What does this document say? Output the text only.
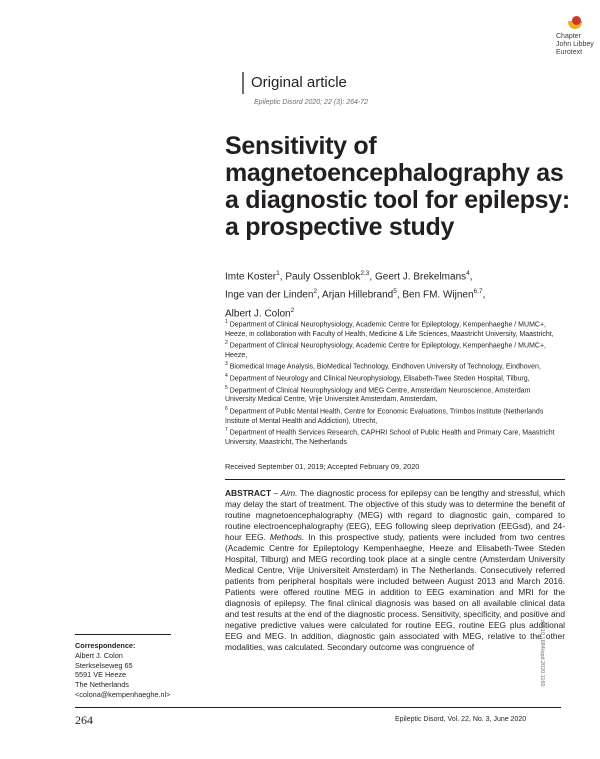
Chapter
John Libbey
Eurotext
Original article
Epileptic Disord 2020; 22 (3): 264-72
Sensitivity of
magnetoencephalography as
a diagnostic tool for epilepsy:
a prospective study
Imte Koster$^1$, Pauly Ossenblok$^{2,3}$, Geert J. Brekelmans$^4$,
Inge van der Linden$^2$, Arjan Hillebrand$^5$, Ben FM. Wijnen$^{6,7}$,
Albert J. Colon$^2$

$^1$ Department of Clinical Neurophysiology, Academic Centre for Epileptology, Kempenhaeghe / MUMC+, Heeze, in collaboration with Faculty of Health, Medicine & Life Sciences, Maastricht University, Maastricht,

$^2$ Department of Clinical Neurophysiology, Academic Centre for Epileptology, Kempenhaeghe / MUMC+, Heeze,

$^3$ Biomedical Image Analysis, BioMedical Technology, Eindhoven University of Technology, Eindhoven,

$^4$ Department of Neurology and Clinical Neurophysiology, Elisabeth-Twee Steden Hospital, Tilburg,

$^5$ Department of Clinical Neurophysiology and MEG Centre, Amsterdam Neuroscience, Amsterdam University Medical Centre, Vrije Universiteit Amsterdam, Amsterdam,

$^6$ Department of Public Mental Health, Centre for Economic Evaluations, Trimbos Institute (Netherlands Institute of Mental Health and Addiction), Utrecht,

$^7$ Department of Health Services Research, CAPHRI School of Public Health and Primary Care, Maastricht University, Maastricht, The Netherlands

Received September 01, 2019; Accepted February 09, 2020

ABSTRACT – Aim. The diagnostic process for epilepsy can be lengthy and stressful, which may delay the start of treatment. The objective of this study was to determine the benefit of routine magnetoencephalography (MEG) with regard to diagnostic gain, compared to routine electroencephalography (EEG), EEG following sleep deprivation (EEGsd), and 24-hour EEG. Methods. In this prospective study, patients were included from two centres (Academic Centre for Epileptology Kempenhaeghe, Heeze and Elisabeth-Twee Steden Hospital, Tilburg) and MEG recording took place at a single centre (Amsterdam University Medical Centre, Vrije Universiteit Amsterdam) in The Netherlands. Consecutively referred patients from peripheral hospitals were included between August 2013 and March 2016. Patients were offered routine MEG in addition to EEG examination and MRI for the diagnosis of epilepsy. The final clinical diagnosis was based on all available clinical data and test results at the end of the diagnostic process. Sensitivity, specificity, and positive and negative predictive values were calculated for routine EEG, routine EEG plus additional EEG and MEG. In addition, diagnostic gain associated with MEG, relative to the other modalities, was calculated. Secondary outcome was congruence of

Correspondence:
Albert J. Colon
Sterkselseweg 65
5591 VE Heeze
The Netherlands
<colona@kempenhaeghe.nl>
doi:10.1684/epd.2020.1160
264	Epileptic Disord, Vol. 22, No. 3, June 2020
